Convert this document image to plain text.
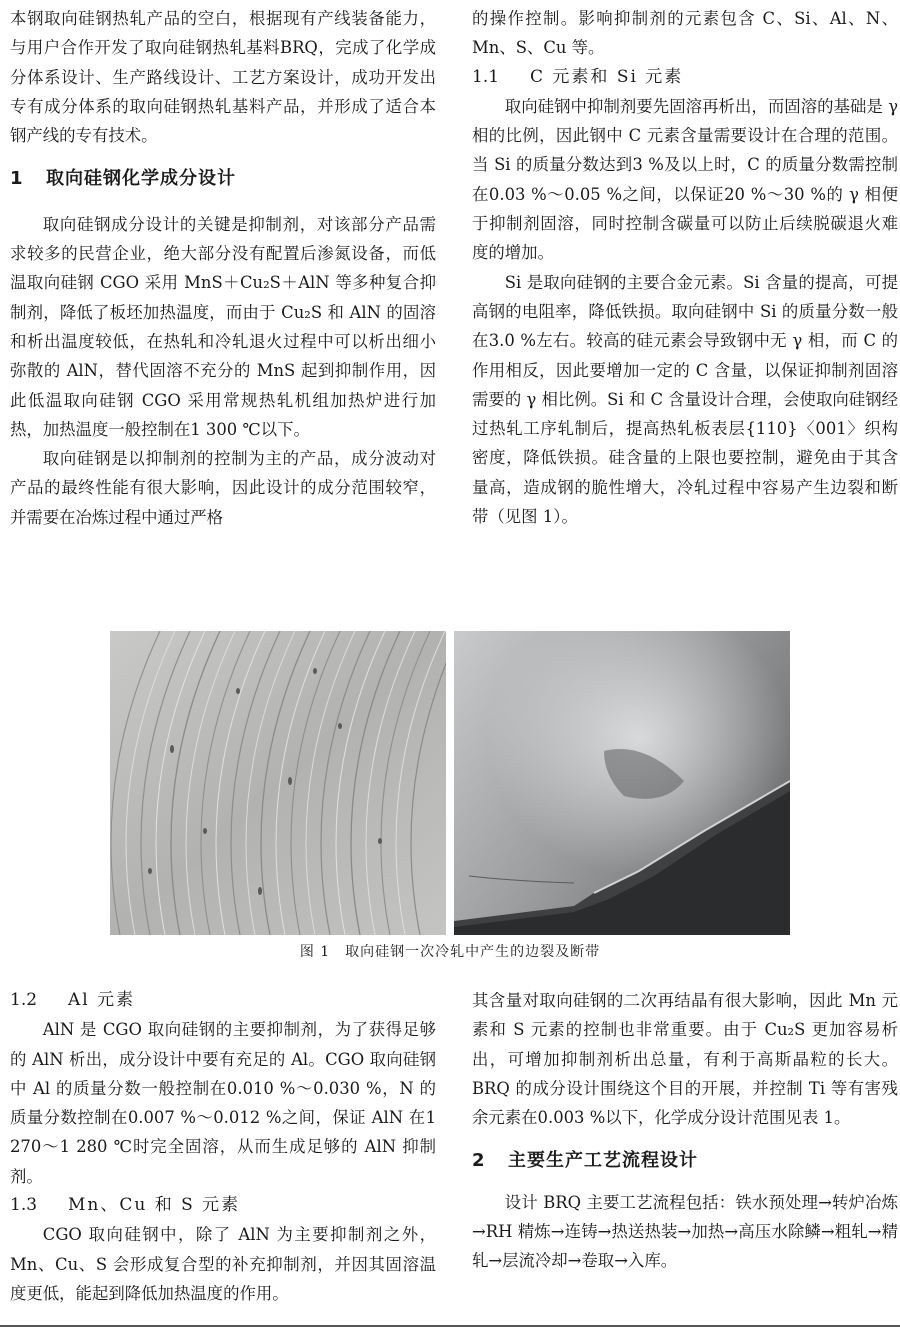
本钢取向硅钢热轧产品的空白，根据现有产线装备能力，与用户合作开发了取向硅钢热轧基料BRQ，完成了化学成分体系设计、生产路线设计、工艺方案设计，成功开发出专有成分体系的取向硅钢热轧基料产品，并形成了适合本钢产线的专有技术。

1 取向硅钢化学成分设计

取向硅钢成分设计的关键是抑制剂，对该部分产品需求较多的民营企业，绝大部分没有配置后渗氮设备，而低温取向硅钢 CGO 采用 MnS＋Cu₂S＋AlN 等多种复合抑制剂，降低了板坯加热温度，而由于 Cu₂S 和 AlN 的固溶和析出温度较低，在热轧和冷轧退火过程中可以析出细小弥散的 AlN，替代固溶不充分的 MnS 起到抑制作用，因此低温取向硅钢 CGO 采用常规热轧机组加热炉进行加热，加热温度一般控制在1 300 ℃以下。

取向硅钢是以抑制剂的控制为主的产品，成分波动对产品的最终性能有很大影响，因此设计的成分范围较窄，并需要在冶炼过程中通过严格

的操作控制。影响抑制剂的元素包含 C、Si、Al、N、Mn、S、Cu 等。

1.1 C 元素和 Si 元素

取向硅钢中抑制剂要先固溶再析出，而固溶的基础是 γ 相的比例，因此钢中 C 元素含量需要设计在合理的范围。当 Si 的质量分数达到3 %及以上时，C 的质量分数需控制在0.03 %～0.05 %之间，以保证20 %～30 %的 γ 相便于抑制剂固溶，同时控制含碳量可以防止后续脱碳退火难度的增加。

Si 是取向硅钢的主要合金元素。Si 含量的提高，可提高钢的电阻率，降低铁损。取向硅钢中 Si 的质量分数一般在3.0 %左右。较高的硅元素会导致钢中无 γ 相，而 C 的作用相反，因此要增加一定的 C 含量，以保证抑制剂固溶需要的 γ 相比例。Si 和 C 含量设计合理，会使取向硅钢经过热轧工序轧制后，提高热轧板表层{110}〈001〉织构密度，降低铁损。硅含量的上限也要控制，避免由于其含量高，造成钢的脆性增大，冷轧过程中容易产生边裂和断带（见图 1）。

图 1　取向硅钢一次冷轧中产生的边裂及断带
1.2 Al 元素

AlN 是 CGO 取向硅钢的主要抑制剂，为了获得足够的 AlN 析出，成分设计中要有充足的 Al。CGO 取向硅钢中 Al 的质量分数一般控制在0.010 %～0.030 %，N 的质量分数控制在0.007 %～0.012 %之间，保证 AlN 在1 270～1 280 ℃时完全固溶，从而生成足够的 AlN 抑制剂。

1.3 Mn、Cu 和 S 元素

CGO 取向硅钢中，除了 AlN 为主要抑制剂之外，Mn、Cu、S 会形成复合型的补充抑制剂，并因其固溶温度更低，能起到降低加热温度的作用。

其含量对取向硅钢的二次再结晶有很大影响，因此 Mn 元素和 S 元素的控制也非常重要。由于 Cu₂S 更加容易析出，可增加抑制剂析出总量，有利于高斯晶粒的长大。BRQ 的成分设计围绕这个目的开展，并控制 Ti 等有害残余元素在0.003 %以下，化学成分设计范围见表 1。

2 主要生产工艺流程设计

设计 BRQ 主要工艺流程包括：铁水预处理→转炉冶炼→RH 精炼→连铸→热送热装→加热→高压水除鳞→粗轧→精轧→层流冷却→卷取→入库。
